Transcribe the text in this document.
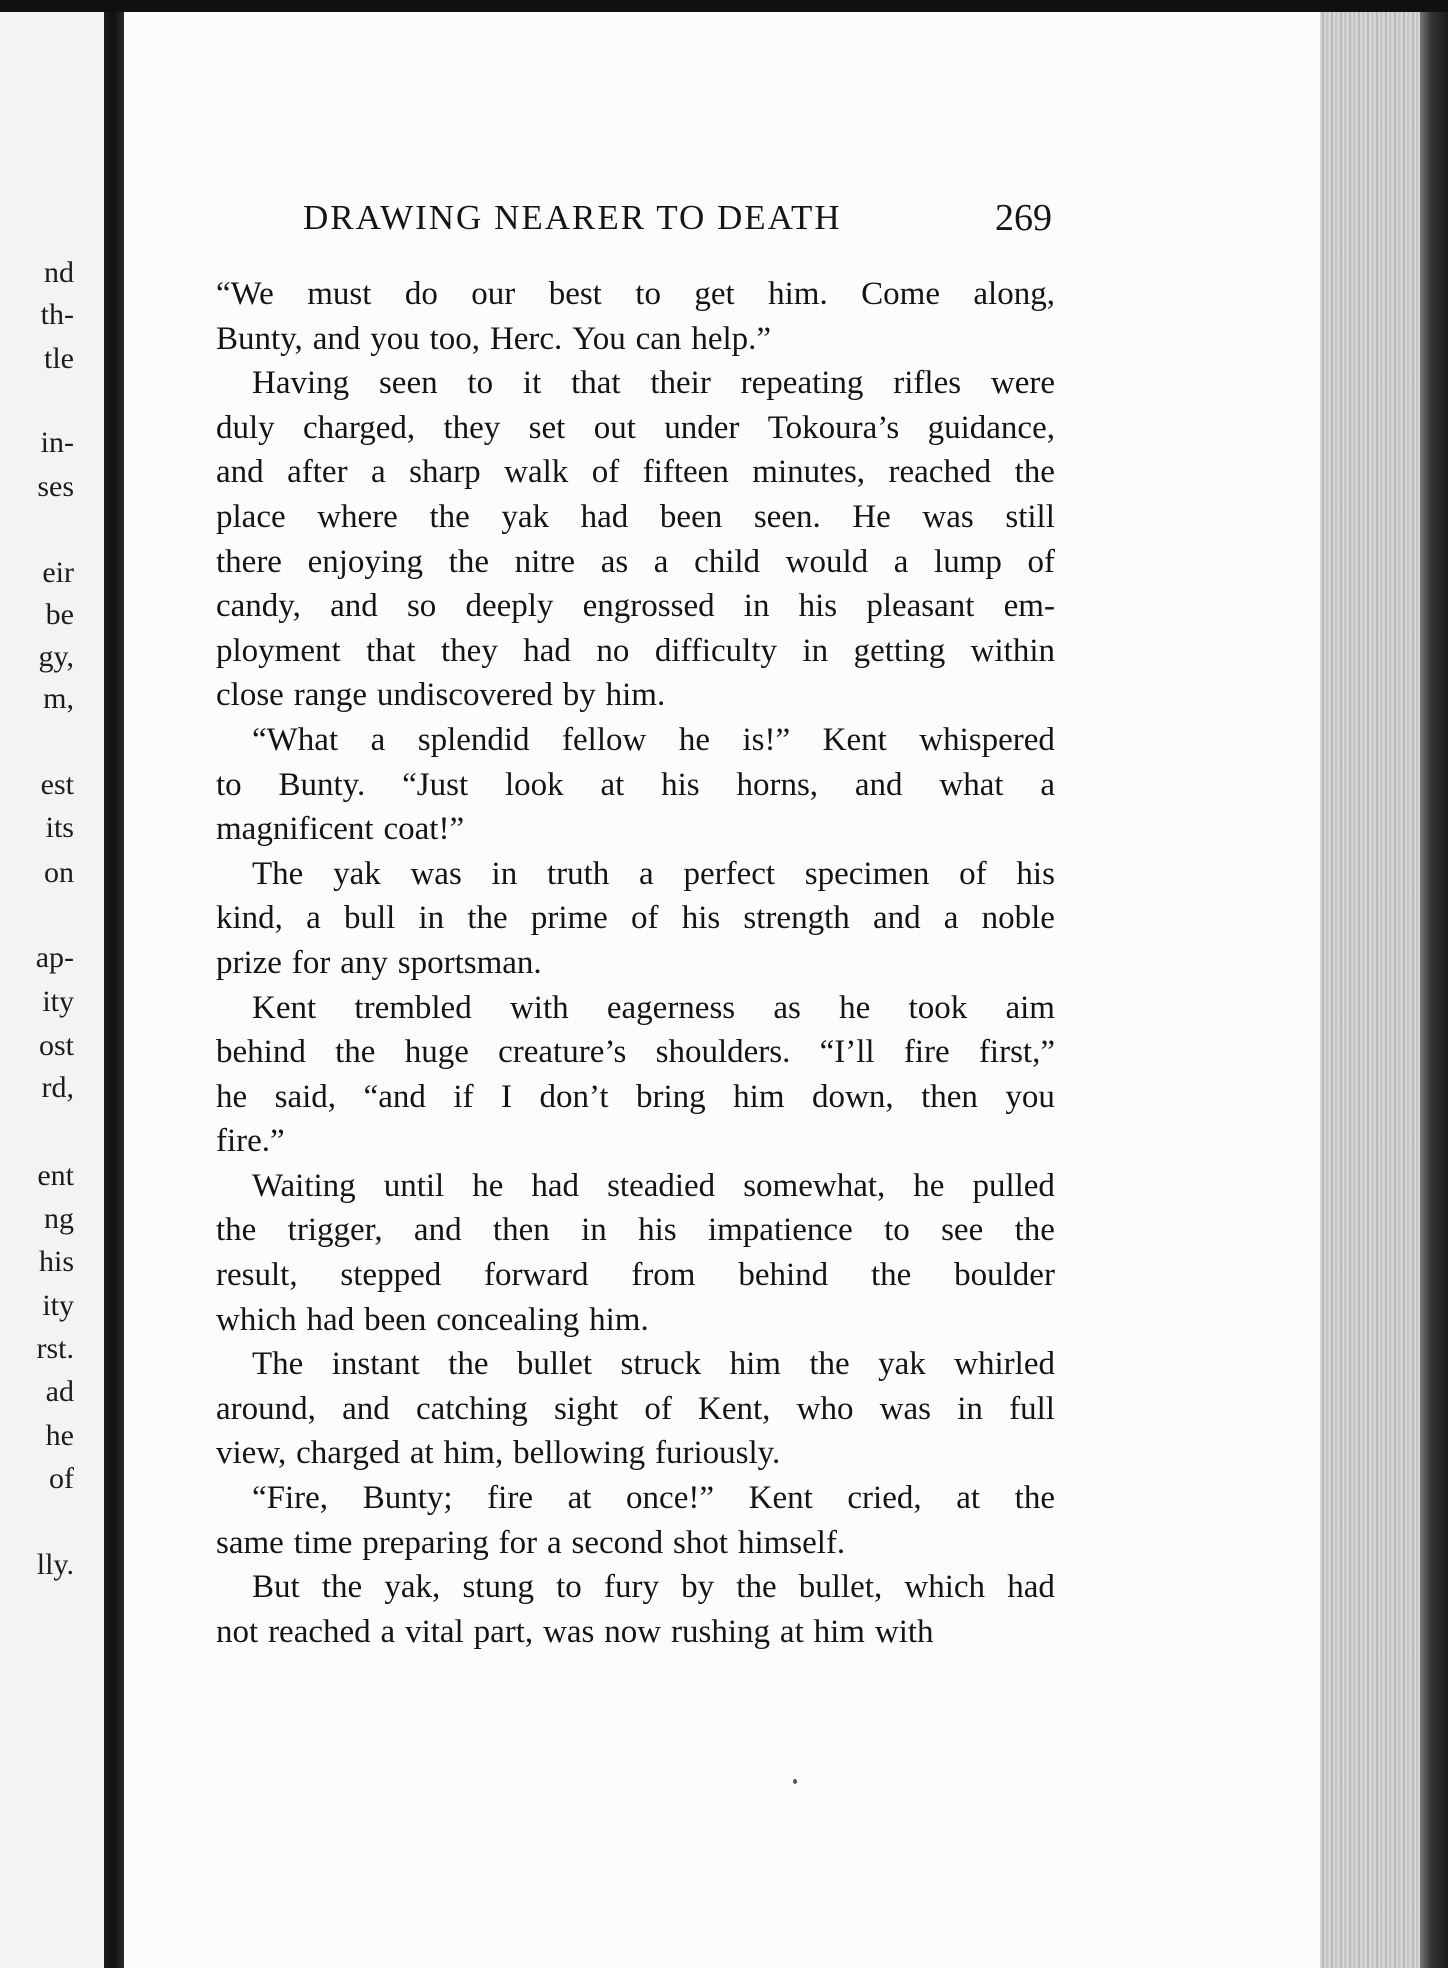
nd
th-
tle
in-
ses
eir
be
gy,
m,
est
its
on
ap-
ity
ost
rd,
ent
ng
his
ity
rst.
ad
he
of
lly.
DRAWING NEARER TO DEATH	269
“We must do our best to get him. Come along,
Bunty, and you too, Herc. You can help.”
Having seen to it that their repeating rifles were
duly charged, they set out under Tokoura’s guidance,
and after a sharp walk of fifteen minutes, reached the
place where the yak had been seen. He was still
there enjoying the nitre as a child would a lump of
candy, and so deeply engrossed in his pleasant em-
ployment that they had no difficulty in getting within
close range undiscovered by him.
“What a splendid fellow he is!” Kent whispered
to Bunty. “Just look at his horns, and what a
magnificent coat!”
The yak was in truth a perfect specimen of his
kind, a bull in the prime of his strength and a noble
prize for any sportsman.
Kent trembled with eagerness as he took aim
behind the huge creature’s shoulders. “I’ll fire first,”
he said, “and if I don’t bring him down, then you
fire.”
Waiting until he had steadied somewhat, he pulled
the trigger, and then in his impatience to see the
result, stepped forward from behind the boulder
which had been concealing him.
The instant the bullet struck him the yak whirled
around, and catching sight of Kent, who was in full
view, charged at him, bellowing furiously.
“Fire, Bunty; fire at once!” Kent cried, at the
same time preparing for a second shot himself.
But the yak, stung to fury by the bullet, which had
not reached a vital part, was now rushing at him with
